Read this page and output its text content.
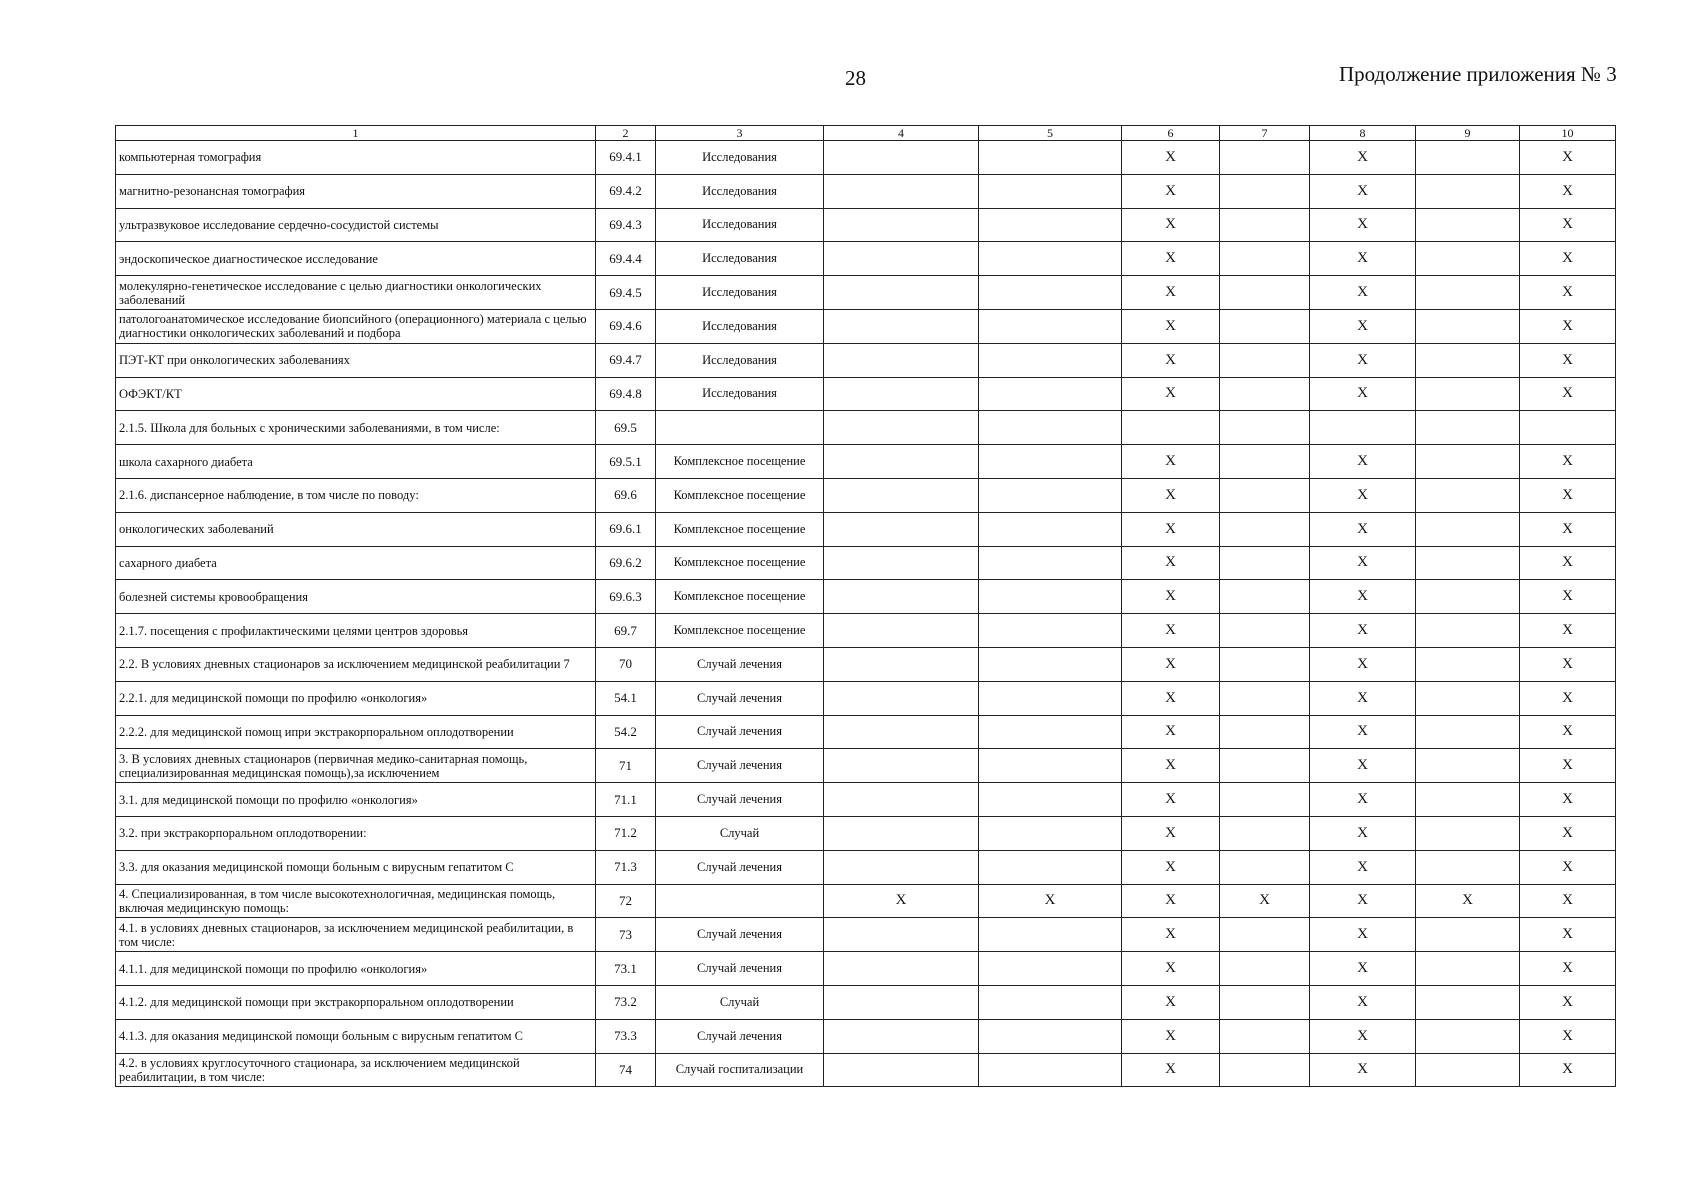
28	Продолжение приложения № 3
1	2	3	4	5	6	7	8	9	10

компьютерная томография	69.4.1	Исследования			X		X		X

магнитно-резонансная томография	69.4.2	Исследования			X		X		X

ультразвуковое исследование сердечно-сосудистой системы	69.4.3	Исследования			X		X		X

эндоскопическое диагностическое исследование	69.4.4	Исследования			X		X		X

молекулярно-генетическое исследование с целью диагностики онкологических заболеваний	69.4.5	Исследования			X		X		X

патологоанатомическое исследование биопсийного (операционного) материала с целью диагностики онкологических заболеваний и подбора	69.4.6	Исследования			X		X		X

ПЭТ-КТ при онкологических заболеваниях	69.4.7	Исследования			X		X		X

ОФЭКТ/КТ	69.4.8	Исследования			X		X		X

2.1.5. Школа для больных с хроническими заболеваниями, в том числе:	69.5								

школа сахарного диабета	69.5.1	Комплексное посещение			X		X		X

2.1.6. диспансерное наблюдение, в том числе по поводу:	69.6	Комплексное посещение			X		X		X

онкологических заболеваний	69.6.1	Комплексное посещение			X		X		X

сахарного диабета	69.6.2	Комплексное посещение			X		X		X

болезней системы кровообращения	69.6.3	Комплексное посещение			X		X		X

2.1.7. посещения с профилактическими целями центров здоровья	69.7	Комплексное посещение			X		X		X

2.2. В условиях дневных стационаров за исключением медицинской реабилитации 7	70	Случай лечения			X		X		X

2.2.1. для медицинской помощи по профилю «онкология»	54.1	Случай лечения			X		X		X

2.2.2. для медицинской помощ ипри экстракорпоральном оплодотворении	54.2	Случай лечения			X		X		X

3. В условиях дневных стационаров (первичная медико-санитарная помощь, специализированная медицинская помощь),за исключением	71	Случай лечения			X		X		X

3.1. для медицинской помощи по профилю «онкология»	71.1	Случай лечения			X		X		X

3.2. при экстракорпоральном оплодотворении:	71.2	Случай			X		X		X

3.3. для оказания медицинской помощи больным с вирусным гепатитом С	71.3	Случай лечения			X		X		X

4. Специализированная, в том числе высокотехнологичная, медицинская помощь, включая медицинскую помощь:	72		X	X	X	X	X	X	X

4.1. в условиях дневных стационаров, за исключением медицинской реабилитации, в том числе:	73	Случай лечения			X		X		X

4.1.1. для медицинской помощи по профилю «онкология»	73.1	Случай лечения			X		X		X

4.1.2. для медицинской помощи при экстракорпоральном оплодотворении	73.2	Случай			X		X		X

4.1.3. для оказания медицинской помощи больным с вирусным гепатитом С	73.3	Случай лечения			X		X		X

4.2. в условиях круглосуточного стационара, за исключением медицинской реабилитации, в том числе:	74	Случай госпитализации			X		X		X
